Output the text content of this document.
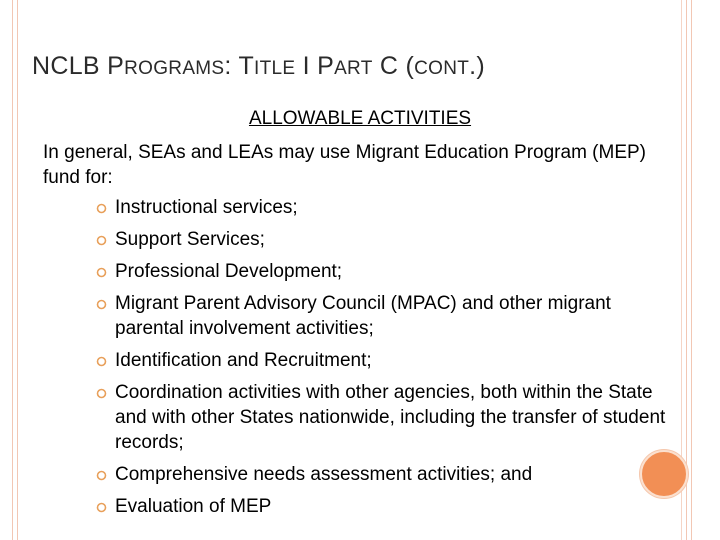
NCLB PROGRAMS: TITLE I PART C (CONT.)
ALLOWABLE ACTIVITIES

In general, SEAs and LEAs may use Migrant Education Program (MEP) fund for:

Instructional services;
Support Services;
Professional Development;
Migrant Parent Advisory Council (MPAC) and other migrant parental involvement activities;
Identification and Recruitment;
Coordination activities with other agencies, both within the State and with other States nationwide, including the transfer of student records;
Comprehensive needs assessment activities; and
Evaluation of MEP
